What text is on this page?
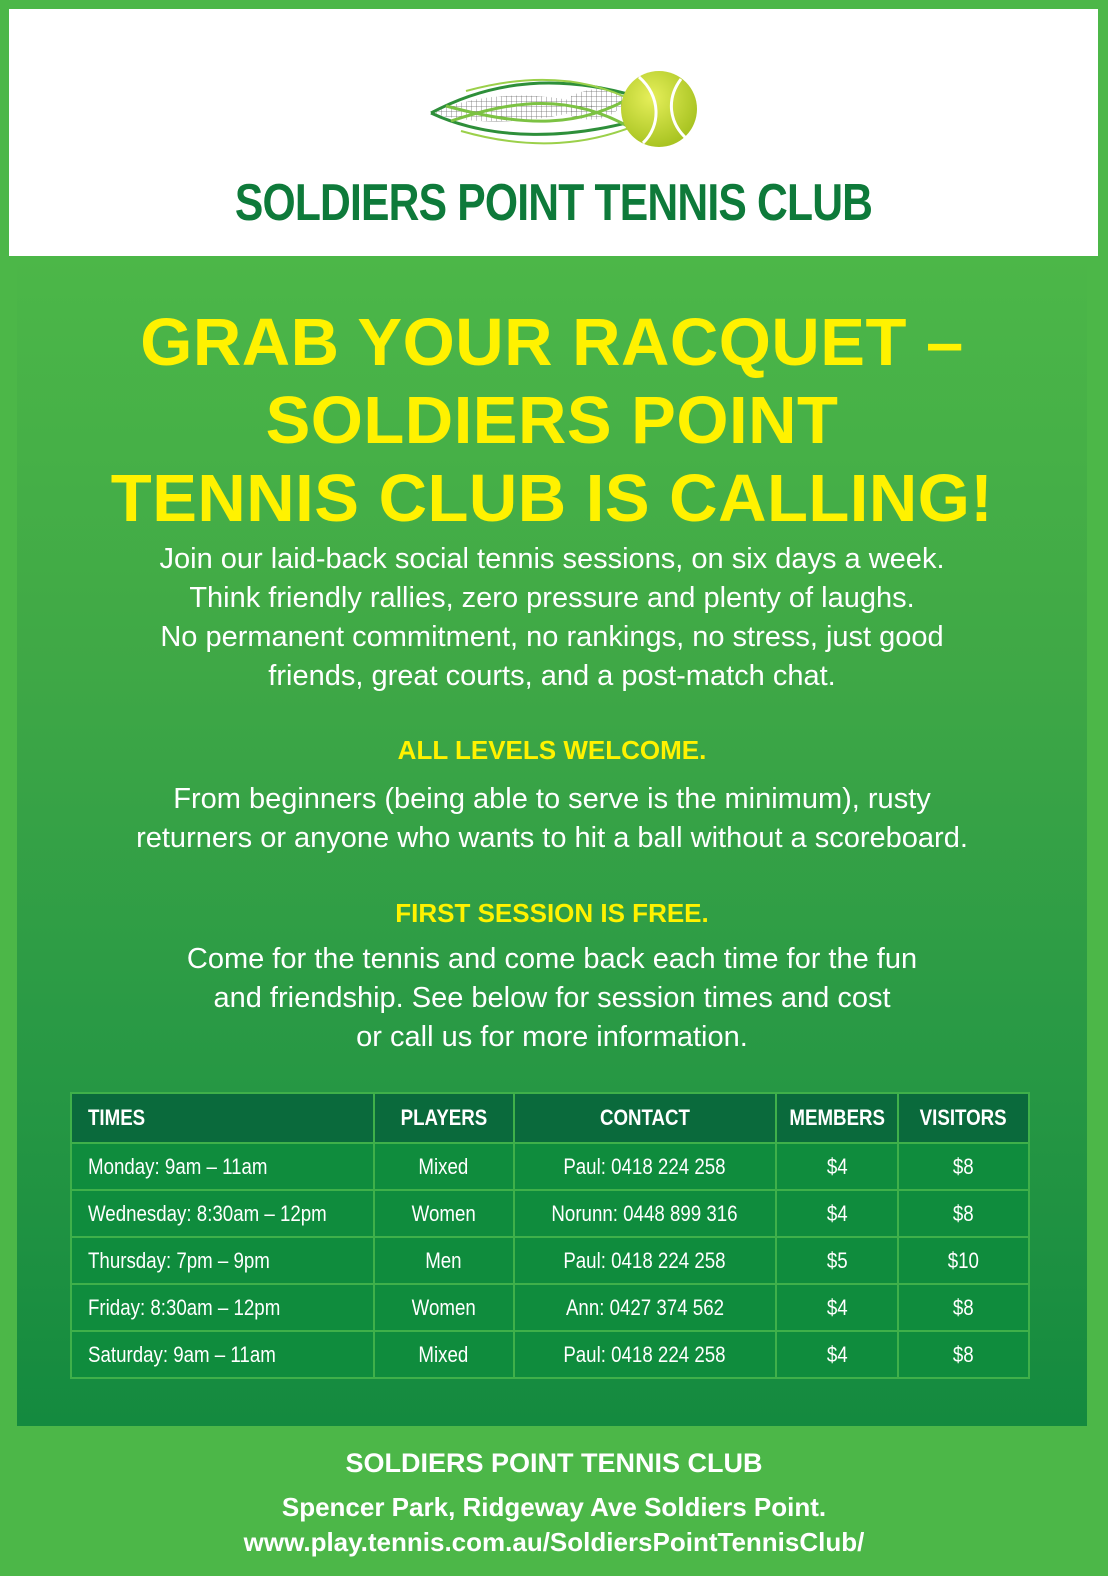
SOLDIERS POINT TENNIS CLUB
GRAB YOUR RACQUET –
SOLDIERS POINT
TENNIS CLUB IS CALLING!
Join our laid-back social tennis sessions, on six days a week.
Think friendly rallies, zero pressure and plenty of laughs.
No permanent commitment, no rankings, no stress, just good
friends, great courts, and a post-match chat.
ALL LEVELS WELCOME.
From beginners (being able to serve is the minimum), rusty
returners or anyone who wants to hit a ball without a scoreboard.
FIRST SESSION IS FREE.
Come for the tennis and come back each time for the fun
and friendship. See below for session times and cost
or call us for more information.
TIMES	PLAYERS	CONTACT	MEMBERS	VISITORS
Monday: 9am – 11am	Mixed	Paul: 0418 224 258	$4	$8
Wednesday: 8:30am – 12pm	Women	Norunn: 0448 899 316	$4	$8
Thursday: 7pm – 9pm	Men	Paul: 0418 224 258	$5	$10
Friday: 8:30am – 12pm	Women	Ann: 0427 374 562	$4	$8
Saturday: 9am – 11am	Mixed	Paul: 0418 224 258	$4	$8
SOLDIERS POINT TENNIS CLUB
Spencer Park, Ridgeway Ave Soldiers Point.
www.play.tennis.com.au/SoldiersPointTennisClub/
